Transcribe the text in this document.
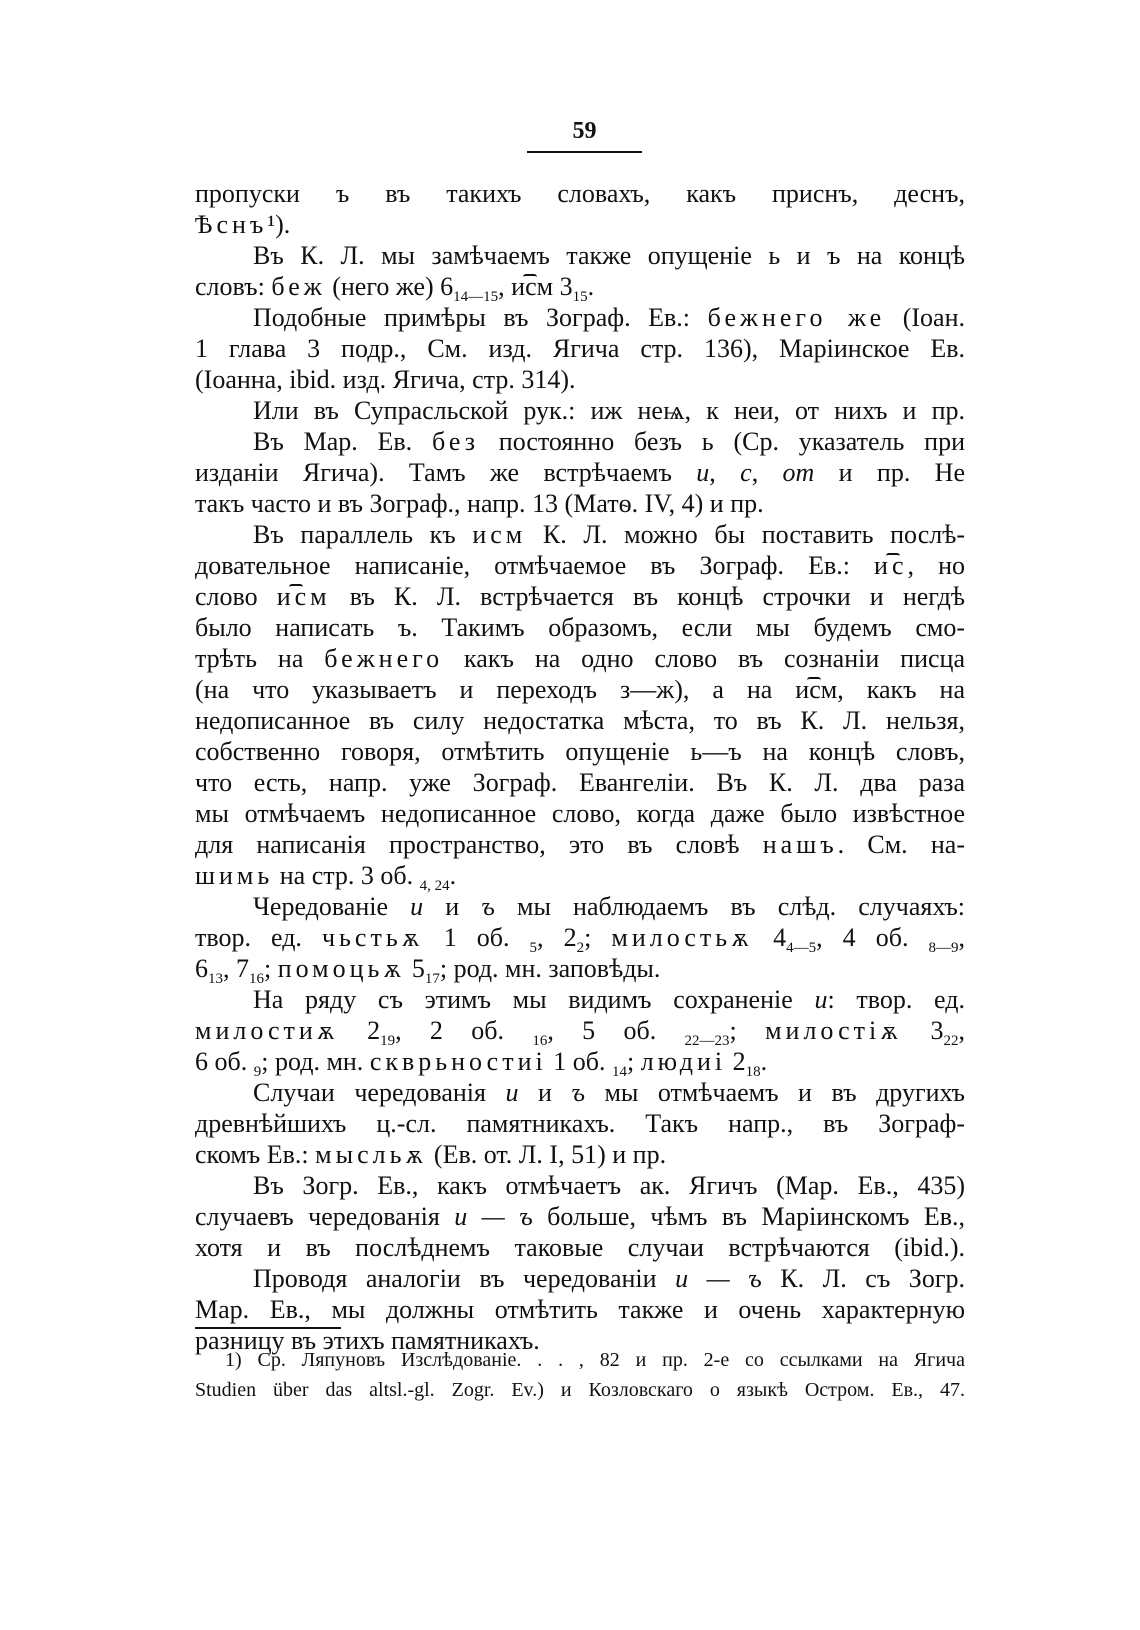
59
пропуски ъ въ такихъ словахъ, какъ приснъ, деснъ,
Ѣснъ¹).
Въ К. Л. мы замѣчаемъ также опущеніе ь и ъ на концѣ
словъ: беж (него же) $6_{14—15}$, исм $3_{15}$.
Подобные примѣры въ Зограф. Ев.: бежнего же (Іоан.
1 глава 3 подр., См. изд. Ягича стр. 136), Маріинское Ев.
(Іоанна, ibid. изд. Ягича, стр. 314).
Или въ Супрасльской рук.: иж неѩ, к неи, от нихъ и пр.
Въ Мар. Ев. без постоянно безъ ь (Ср. указатель при
изданіи Ягича). Тамъ же встрѣчаемъ и, с, от и пр. Не
такъ часто и въ Зограф., напр. 13 (Матѳ. IV, 4) и пр.
Въ параллель къ исм К. Л. можно бы поставить послѣ-
довательное написаніе, отмѣчаемое въ Зограф. Ев.: ис, но
слово исм въ К. Л. встрѣчается въ концѣ строчки и негдѣ
было написать ъ. Такимъ образомъ, если мы будемъ смо-
трѣть на бежнего какъ на одно слово въ сознаніи писца
(на что указываетъ и переходъ з—ж), а на исм, какъ на
недописанное въ силу недостатка мѣста, то въ К. Л. нельзя,
собственно говоря, отмѣтить опущеніе ь—ъ на концѣ словъ,
что есть, напр. уже Зограф. Евангеліи. Въ К. Л. два раза
мы отмѣчаемъ недописанное слово, когда даже было извѣстное
для написанія пространство, это въ словѣ нашъ. См. на-
шимь на стр. 3 об. $_{4, 24}$.
Чередованіе и и ъ мы наблюдаемъ въ слѣд. случаяхъ:
твор. ед. чьстьѫ 1 об. $_5$, $2_2$; милостьѫ $4_{4—5}$, 4 об. $_{8—9}$,
$6_{13}$, $7_{16}$; помоцьѫ $5_{17}$; род. мн. заповѣды.
На ряду съ этимъ мы видимъ сохраненіе и: твор. ед.
милостиѫ $2_{19}$, 2 об. $_{16}$, 5 об. $_{22—23}$; милостіѫ $3_{22}$,
6 об. $_9$; род. мн. скврьностиі 1 об. $_{14}$; людиі $2_{18}$.
Случаи чередованія и и ъ мы отмѣчаемъ и въ другихъ
древнѣйшихъ ц.-сл. памятникахъ. Такъ напр., въ Зограф-
скомъ Ев.: мысльѫ (Ев. от. Л. I, 51) и пр.
Въ Зогр. Ев., какъ отмѣчаетъ ак. Ягичъ (Мар. Ев., 435)
случаевъ чередованія и — ъ больше, чѣмъ въ Маріинскомъ Ев.,
хотя и въ послѣднемъ таковые случаи встрѣчаются (ibid.).
Проводя аналогіи въ чередованіи и — ъ К. Л. съ Зогр.
Мар. Ев., мы должны отмѣтить также и очень характерную
разницу въ этихъ памятникахъ.
1) Ср. Ляпуновъ Изслѣдованіе. . . , 82 и пр. 2-е со ссылками на Ягича
Studien über das altsl.-gl. Zogr. Ev.) и Козловскаго о языкѣ Остром. Ев., 47.
